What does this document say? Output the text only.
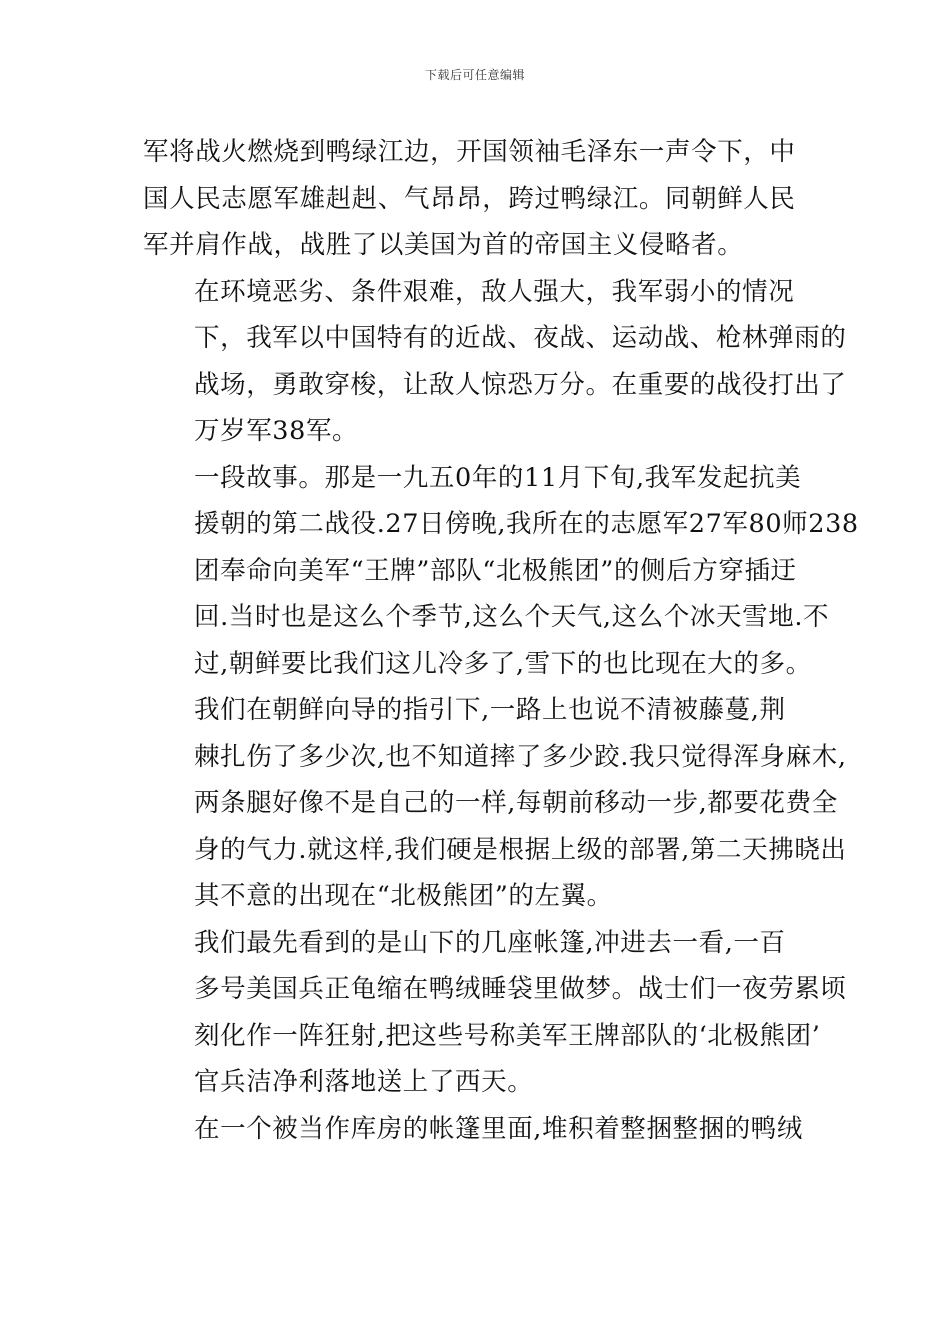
下载后可任意编辑

军将战火燃烧到鸭绿江边，开国领袖毛泽东一声令下，中
国人民志愿军雄赳赳、气昂昂，跨过鸭绿江。同朝鲜人民
军并肩作战，战胜了以美国为首的帝国主义侵略者。

在环境恶劣、条件艰难，敌人强大，我军弱小的情况
下，我军以中国特有的近战、夜战、运动战、枪林弹雨的
战场，勇敢穿梭，让敌人惊恐万分。在重要的战役打出了
万岁军38军。

一段故事。那是一九五0年的11月下旬,我军发起抗美
援朝的第二战役.27日傍晚,我所在的志愿军27军80师238
团奉命向美军“王牌”部队“北极熊团”的侧后方穿插迂
回.当时也是这么个季节,这么个天气,这么个冰天雪地.不
过,朝鲜要比我们这儿冷多了,雪下的也比现在大的多。

我们在朝鲜向导的指引下,一路上也说不清被藤蔓,荆
棘扎伤了多少次,也不知道摔了多少跤.我只觉得浑身麻木,
两条腿好像不是自己的一样,每朝前移动一步,都要花费全
身的气力.就这样,我们硬是根据上级的部署,第二天拂晓出
其不意的出现在“北极熊团”的左翼。

我们最先看到的是山下的几座帐篷,冲进去一看,一百
多号美国兵正龟缩在鸭绒睡袋里做梦。战士们一夜劳累顷
刻化作一阵狂射,把这些号称美军王牌部队的‘北极熊团’
官兵洁净利落地送上了西天。

在一个被当作库房的帐篷里面,堆积着整捆整捆的鸭绒
